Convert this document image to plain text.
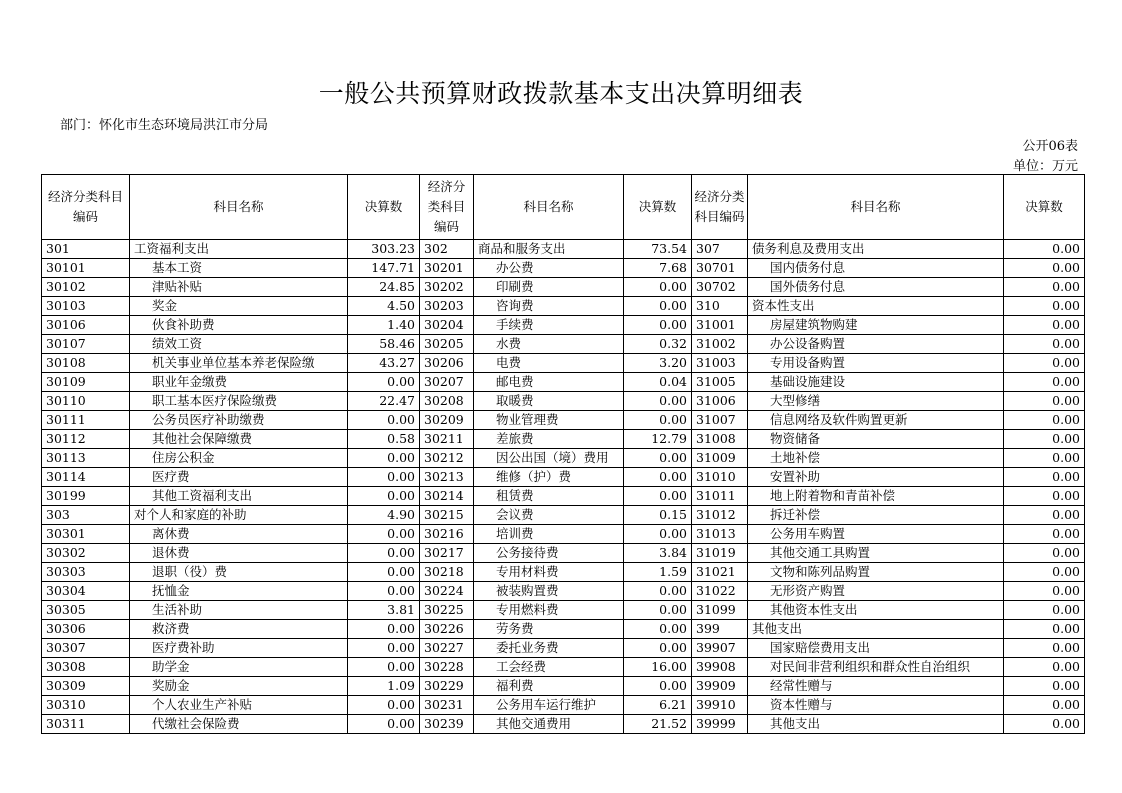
一般公共预算财政拨款基本支出决算明细表
部门：怀化市生态环境局洪江市分局
公开06表
单位：万元
经济分类科目编码	科目名称	决算数	经济分类科目编码	科目名称	决算数	经济分类科目编码	科目名称	决算数
301	工资福利支出	303.23	302	商品和服务支出	73.54	307	债务利息及费用支出	0.00
30101	基本工资	147.71	30201	办公费	7.68	30701	国内债务付息	0.00
30102	津贴补贴	24.85	30202	印刷费	0.00	30702	国外债务付息	0.00
30103	奖金	4.50	30203	咨询费	0.00	310	资本性支出	0.00
30106	伙食补助费	1.40	30204	手续费	0.00	31001	房屋建筑物购建	0.00
30107	绩效工资	58.46	30205	水费	0.32	31002	办公设备购置	0.00
30108	机关事业单位基本养老保险缴	43.27	30206	电费	3.20	31003	专用设备购置	0.00
30109	职业年金缴费	0.00	30207	邮电费	0.04	31005	基础设施建设	0.00
30110	职工基本医疗保险缴费	22.47	30208	取暖费	0.00	31006	大型修缮	0.00
30111	公务员医疗补助缴费	0.00	30209	物业管理费	0.00	31007	信息网络及软件购置更新	0.00
30112	其他社会保障缴费	0.58	30211	差旅费	12.79	31008	物资储备	0.00
30113	住房公积金	0.00	30212	因公出国（境）费用	0.00	31009	土地补偿	0.00
30114	医疗费	0.00	30213	维修（护）费	0.00	31010	安置补助	0.00
30199	其他工资福利支出	0.00	30214	租赁费	0.00	31011	地上附着物和青苗补偿	0.00
303	对个人和家庭的补助	4.90	30215	会议费	0.15	31012	拆迁补偿	0.00
30301	离休费	0.00	30216	培训费	0.00	31013	公务用车购置	0.00
30302	退休费	0.00	30217	公务接待费	3.84	31019	其他交通工具购置	0.00
30303	退职（役）费	0.00	30218	专用材料费	1.59	31021	文物和陈列品购置	0.00
30304	抚恤金	0.00	30224	被装购置费	0.00	31022	无形资产购置	0.00
30305	生活补助	3.81	30225	专用燃料费	0.00	31099	其他资本性支出	0.00
30306	救济费	0.00	30226	劳务费	0.00	399	其他支出	0.00
30307	医疗费补助	0.00	30227	委托业务费	0.00	39907	国家赔偿费用支出	0.00
30308	助学金	0.00	30228	工会经费	16.00	39908	对民间非营利组织和群众性自治组织	0.00
30309	奖励金	1.09	30229	福利费	0.00	39909	经常性赠与	0.00
30310	个人农业生产补贴	0.00	30231	公务用车运行维护	6.21	39910	资本性赠与	0.00
30311	代缴社会保险费	0.00	30239	其他交通费用	21.52	39999	其他支出	0.00
